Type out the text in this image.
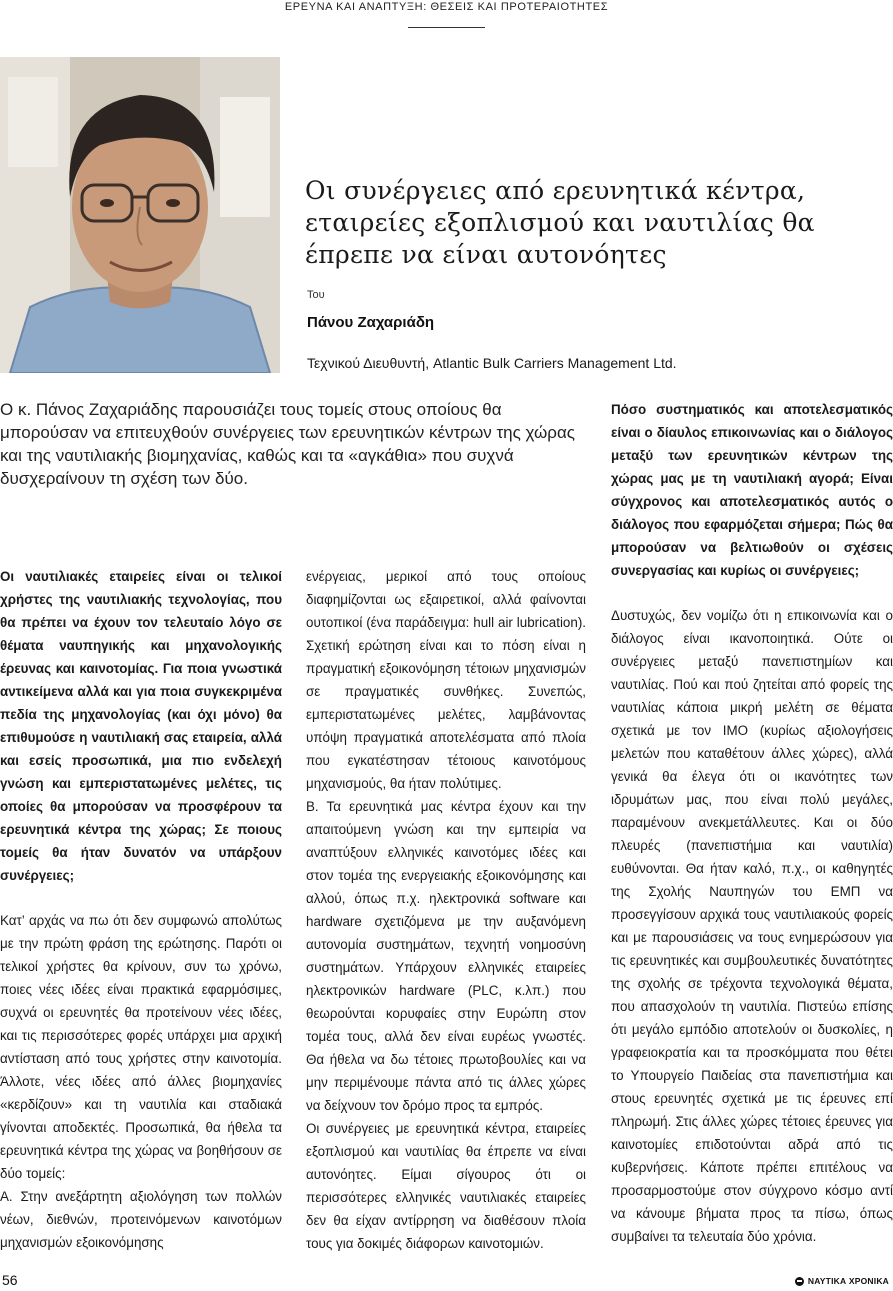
ΕΡΕΥΝΑ ΚΑΙ ΑΝΑΠΤΥΞΗ: ΘΕΣΕΙΣ ΚΑΙ ΠΡΟΤΕΡΑΙΟΤΗΤΕΣ
Οι συνέργειες από ερευνητικά κέντρα, εταιρείες εξοπλισμού και ναυτιλίας θα έπρεπε να είναι αυτονόητες
Του
Πάνου Ζαχαριάδη
Τεχνικού Διευθυντή, Atlantic Bulk Carriers Management Ltd.
Ο κ. Πάνος Ζαχαριάδης παρουσιάζει τους τομείς στους οποίους θα μπορούσαν να επιτευχθούν συνέργειες των ερευνητικών κέντρων της χώρας και της ναυτιλιακής βιομηχανίας, καθώς και τα «αγκάθια» που συχνά δυσχεραίνουν τη σχέση των δύο.

Οι ναυτιλιακές εταιρείες είναι οι τελικοί χρήστες της ναυτιλιακής τεχνολογίας, που θα πρέπει να έχουν τον τελευταίο λόγο σε θέματα ναυπηγικής και μηχανολογικής έρευνας και καινοτομίας. Για ποια γνωστικά αντικείμενα αλλά και για ποια συγκεκριμένα πεδία της μηχανολογίας (και όχι μόνο) θα επιθυμούσε η ναυτιλιακή σας εταιρεία, αλλά και εσείς προσωπικά, μια πιο ενδελεχή γνώση και εμπεριστατωμένες μελέτες, τις οποίες θα μπορούσαν να προσφέρουν τα ερευνητικά κέντρα της χώρας; Σε ποιους τομείς θα ήταν δυνατόν να υπάρξουν συνέργειες;

Κατ’ αρχάς να πω ότι δεν συμφωνώ απολύτως με την πρώτη φράση της ερώτησης. Παρότι οι τελικοί χρήστες θα κρίνουν, συν τω χρόνω, ποιες νέες ιδέες είναι πρακτικά εφαρμόσιμες, συχνά οι ερευνητές θα προτείνουν νέες ιδέες, και τις περισσότερες φορές υπάρχει μια αρχική αντίσταση από τους χρήστες στην καινοτομία. Άλλοτε, νέες ιδέες από άλλες βιομηχανίες «κερδίζουν» και τη ναυτιλία και σταδιακά γίνονται αποδεκτές. Προσωπικά, θα ήθελα τα ερευνητικά κέντρα της χώρας να βοηθήσουν σε δύο τομείς:

Α. Στην ανεξάρτητη αξιολόγηση των πολλών νέων, διεθνών, προτεινόμενων καινοτόμων μηχανισμών εξοικονόμησης

ενέργειας, μερικοί από τους οποίους διαφημίζονται ως εξαιρετικοί, αλλά φαίνονται ουτοπικοί (ένα παράδειγμα: hull air lubrication). Σχετική ερώτηση είναι και το πόση είναι η πραγματική εξοικονόμηση τέτοιων μηχανισμών σε πραγματικές συνθήκες. Συνεπώς, εμπεριστατωμένες μελέτες, λαμβάνοντας υπόψη πραγματικά αποτελέσματα από πλοία που εγκατέστησαν τέτοιους καινοτόμους μηχανισμούς, θα ήταν πολύτιμες.

Β. Τα ερευνητικά μας κέντρα έχουν και την απαιτούμενη γνώση και την εμπειρία να αναπτύξουν ελληνικές καινοτόμες ιδέες και στον τομέα της ενεργειακής εξοικονόμησης και αλλού, όπως π.χ. ηλεκτρονικά software και hardware σχετιζόμενα με την αυξανόμενη αυτονομία συστημάτων, τεχνητή νοημοσύνη συστημάτων. Υπάρχουν ελληνικές εταιρείες ηλεκτρονικών hardware (PLC, κ.λπ.) που θεωρούνται κορυφαίες στην Ευρώπη στον τομέα τους, αλλά δεν είναι ευρέως γνωστές. Θα ήθελα να δω τέτοιες πρωτοβουλίες και να μην περιμένουμε πάντα από τις άλλες χώρες να δείχνουν τον δρόμο προς τα εμπρός.

Οι συνέργειες με ερευνητικά κέντρα, εταιρείες εξοπλισμού και ναυτιλίας θα έπρεπε να είναι αυτονόητες. Είμαι σίγουρος ότι οι περισσότερες ελληνικές ναυτιλιακές εταιρείες δεν θα είχαν αντίρρηση να διαθέσουν πλοία τους για δοκιμές διάφορων καινοτομιών.

Πόσο συστηματικός και αποτελεσματικός είναι ο δίαυλος επικοινωνίας και ο διάλογος μεταξύ των ερευνητικών κέντρων της χώρας μας με τη ναυτιλιακή αγορά; Είναι σύγχρονος και αποτελεσματικός αυτός ο διάλογος που εφαρμόζεται σήμερα; Πώς θα μπορούσαν να βελτιωθούν οι σχέσεις συνεργασίας και κυρίως οι συνέργειες;

Δυστυχώς, δεν νομίζω ότι η επικοινωνία και ο διάλογος είναι ικανοποιητικά. Ούτε οι συνέργειες μεταξύ πανεπιστημίων και ναυτιλίας. Πού και πού ζητείται από φορείς της ναυτιλίας κάποια μικρή μελέτη σε θέματα σχετικά με τον IMO (κυρίως αξιολογήσεις μελετών που καταθέτουν άλλες χώρες), αλλά γενικά θα έλεγα ότι οι ικανότητες των ιδρυμάτων μας, που είναι πολύ μεγάλες, παραμένουν ανεκμετάλλευτες. Και οι δύο πλευρές (πανεπιστήμια και ναυτιλία) ευθύνονται. Θα ήταν καλό, π.χ., οι καθηγητές της Σχολής Ναυπηγών του ΕΜΠ να προσεγγίσουν αρχικά τους ναυτιλιακούς φορείς και με παρουσιάσεις να τους ενημερώσουν για τις ερευνητικές και συμβουλευτικές δυνατότητες της σχολής σε τρέχοντα τεχνολογικά θέματα, που απασχολούν τη ναυτιλία. Πιστεύω επίσης ότι μεγάλο εμπόδιο αποτελούν οι δυσκολίες, η γραφειοκρατία και τα προσκόμματα που θέτει το Υπουργείο Παιδείας στα πανεπιστήμια και στους ερευνητές σχετικά με τις έρευνες επί πληρωμή. Στις άλλες χώρες τέτοιες έρευνες για καινοτομίες επιδοτούνται αδρά από τις κυβερνήσεις. Κάποτε πρέπει επιτέλους να προσαρμοστούμε στον σύγχρονο κόσμο αντί να κάνουμε βήματα προς τα πίσω, όπως συμβαίνει τα τελευταία δύο χρόνια.

56	ΝΑΥΤΙΚΑ ΧΡΟΝΙΚΑ
